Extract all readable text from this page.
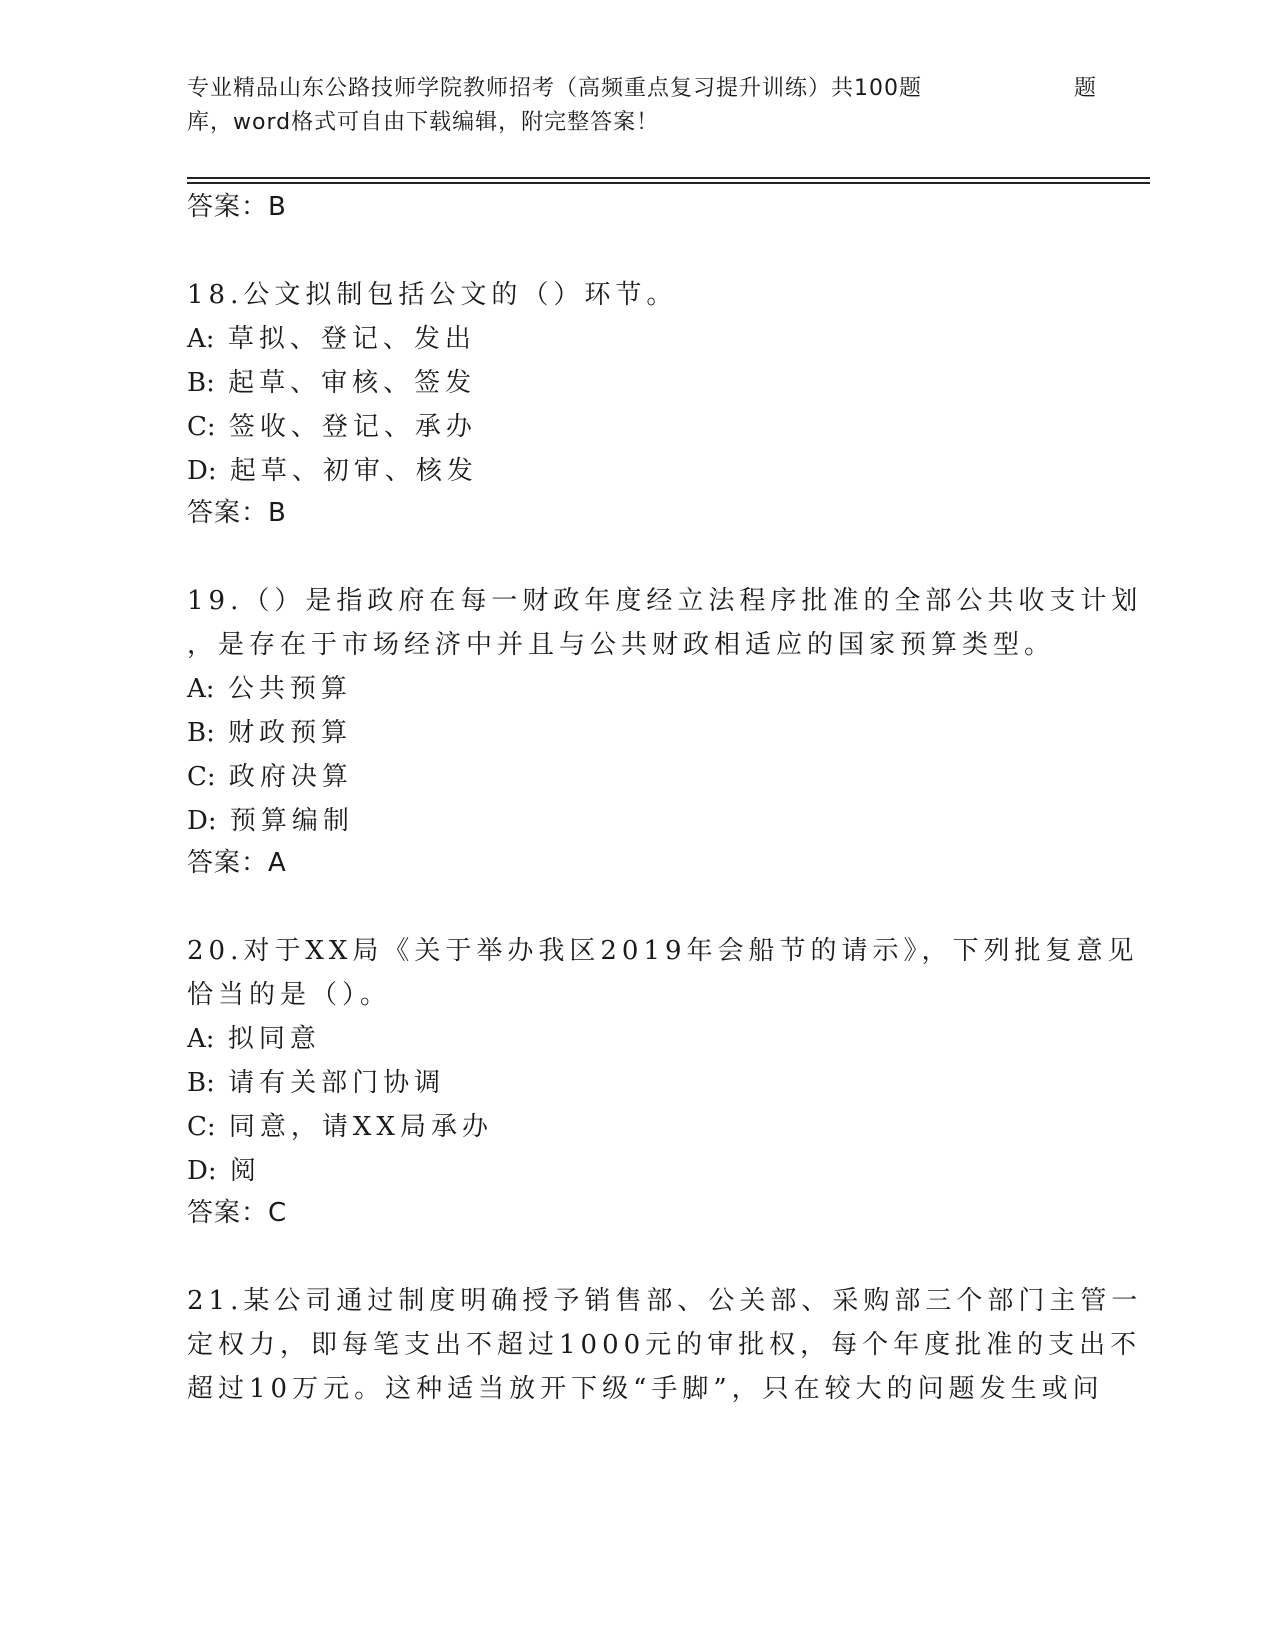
专业精品山东公路技师学院教师招考（高频重点复习提升训练）共100题	题
库，word格式可自由下载编辑，附完整答案！
答案：B
18.公文拟制包括公文的（）环节。
A: 草拟、登记、发出
B: 起草、审核、签发
C: 签收、登记、承办
D: 起草、初审、核发
答案：B
19.（）是指政府在每一财政年度经立法程序批准的全部公共收支计划
，是存在于市场经济中并且与公共财政相适应的国家预算类型。
A: 公共预算
B: 财政预算
C: 政府决算
D: 预算编制
答案：A
20.对于XX局《关于举办我区2019年会船节的请示》，下列批复意见
恰当的是（）。
A: 拟同意
B: 请有关部门协调
C: 同意，请XX局承办
D: 阅
答案：C
21.某公司通过制度明确授予销售部、公关部、采购部三个部门主管一
定权力，即每笔支出不超过1000元的审批权，每个年度批准的支出不
超过10万元。这种适当放开下级“手脚”，只在较大的问题发生或问
